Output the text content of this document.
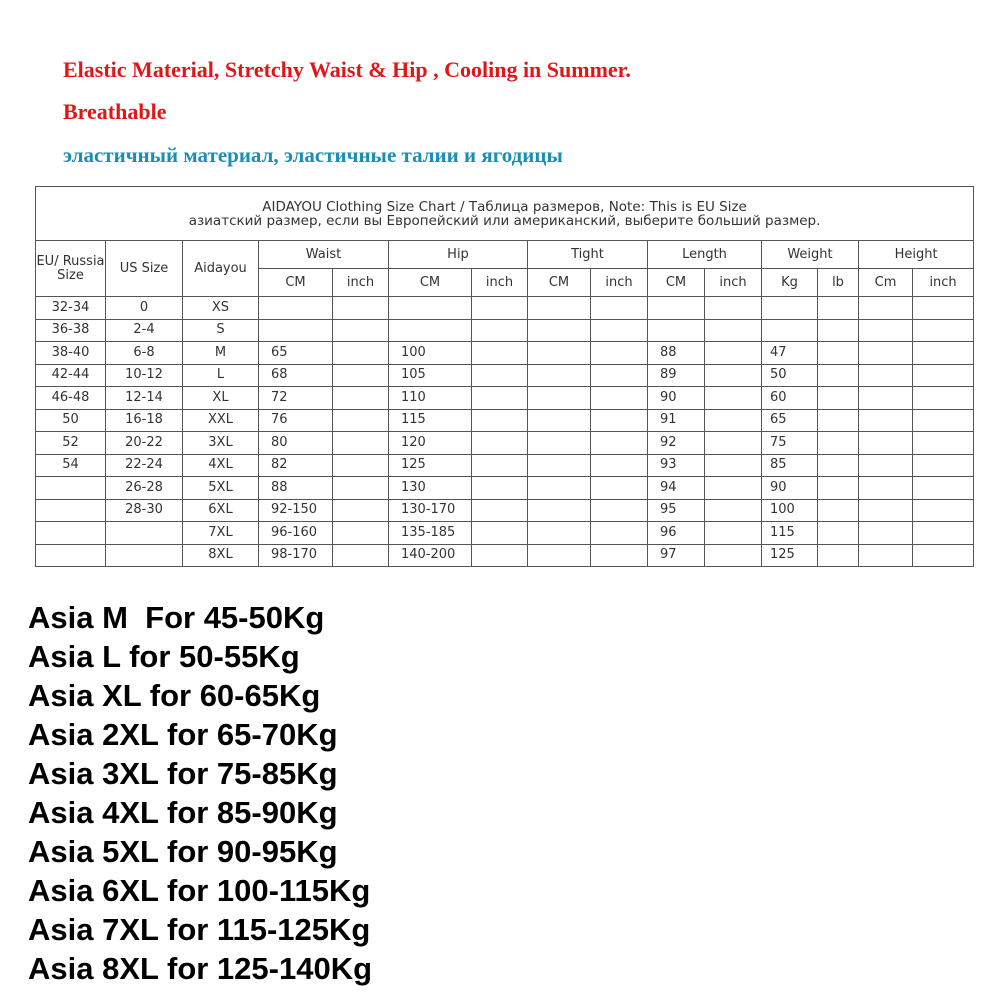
Elastic Material, Stretchy Waist & Hip , Cooling in Summer.

Breathable

эластичный материал, эластичные талии и ягодицы

AIDAYOU Clothing Size Chart / Таблица размеров, Note: This is EU Size
азиатский размер, если вы Европейский или американский, выберите больший размер.														

EU/ Russia Size	US Size	Aidayou	Waist		Hip		Tight		Length		Weight		Height	
			CM	inch	CM	inch	CM	inch	CM	inch	Kg	lb	Cm	inch
32-34	0	XS												
36-38	2-4	S												
38-40	6-8	M	65		100				88		47			
42-44	10-12	L	68		105				89		50			
46-48	12-14	XL	72		110				90		60			
50	16-18	XXL	76		115				91		65			
52	20-22	3XL	80		120				92		75			
54	22-24	4XL	82		125				93		85			
	26-28	5XL	88		130				94		90			
	28-30	6XL	92-150		130-170				95		100			
		7XL	96-160		135-185				96		115			
		8XL	98-170		140-200				97		125			
Asia M  For 45-50Kg
Asia L for 50-55Kg
Asia XL for 60-65Kg
Asia 2XL for 65-70Kg
Asia 3XL for 75-85Kg
Asia 4XL for 85-90Kg
Asia 5XL for 90-95Kg
Asia 6XL for 100-115Kg
Asia 7XL for 115-125Kg
Asia 8XL for 125-140Kg
